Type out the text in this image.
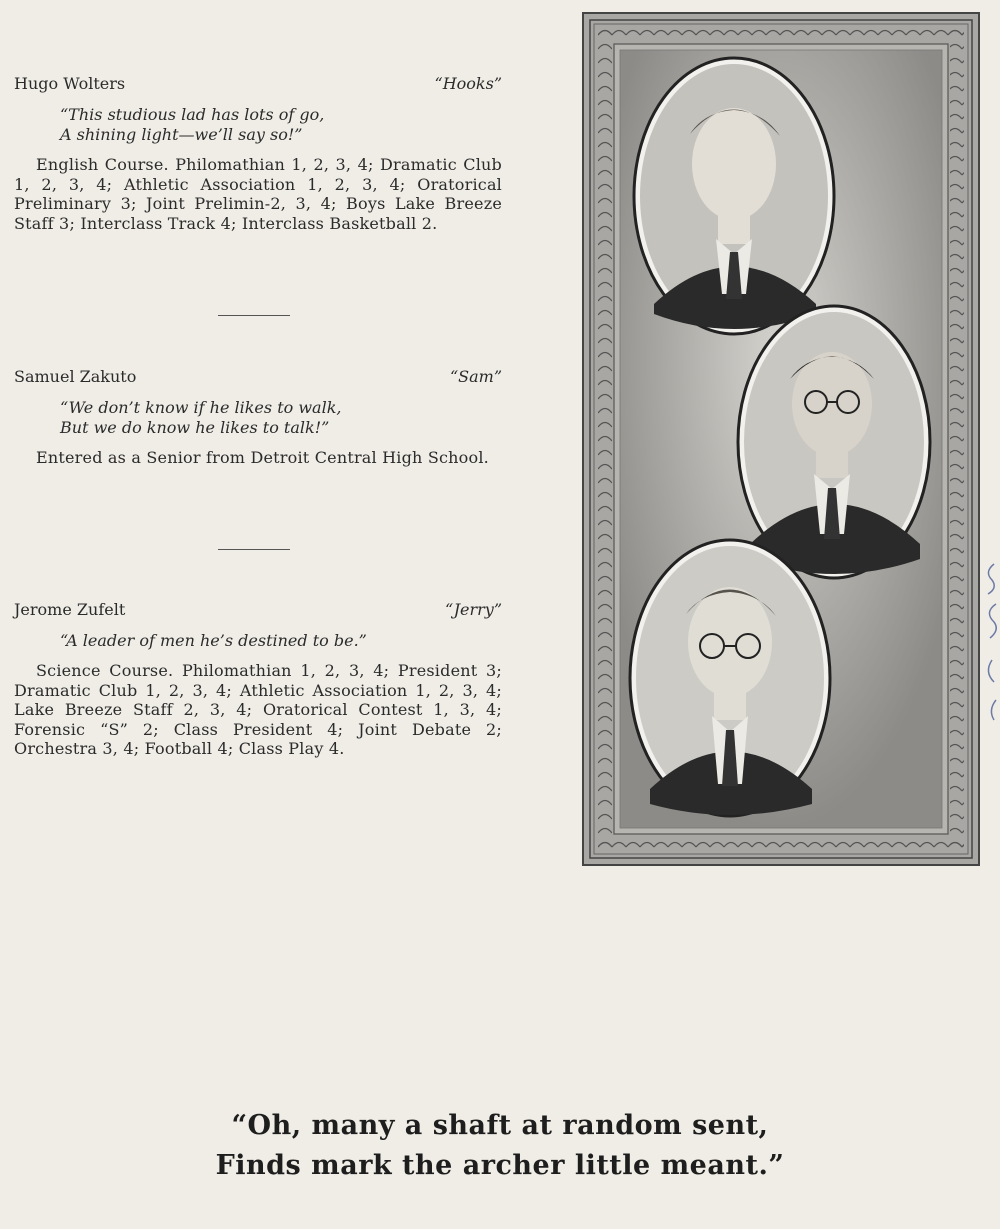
Hugo Wolters	“Hooks”
“This studious lad has lots of go,
A shining light—we’ll say so!”
English Course. Philomathian 1, 2, 3, 4; Dramatic Club 1, 2, 3, 4; Athletic Association 1, 2, 3, 4; Oratorical Preliminary 3; Joint Prelimin-2, 3, 4; Boys Lake Breeze Staff 3; Interclass Track 4; Interclass Basketball 2.
Samuel Zakuto	“Sam”
“We don’t know if he likes to walk,
But we do know he likes to talk!”
Entered as a Senior from Detroit Central High School.
Jerome Zufelt	“Jerry”
“A leader of men he’s destined to be.”
Science Course. Philomathian 1, 2, 3, 4; President 3; Dramatic Club 1, 2, 3, 4; Athletic Association 1, 2, 3, 4; Lake Breeze Staff 2, 3, 4; Oratorical Contest 1, 3, 4; Forensic “S” 2; Class President 4; Joint Debate 2; Orchestra 3, 4; Football 4; Class Play 4.
“Oh, many a shaft at random sent,
Finds mark the archer little meant.”
